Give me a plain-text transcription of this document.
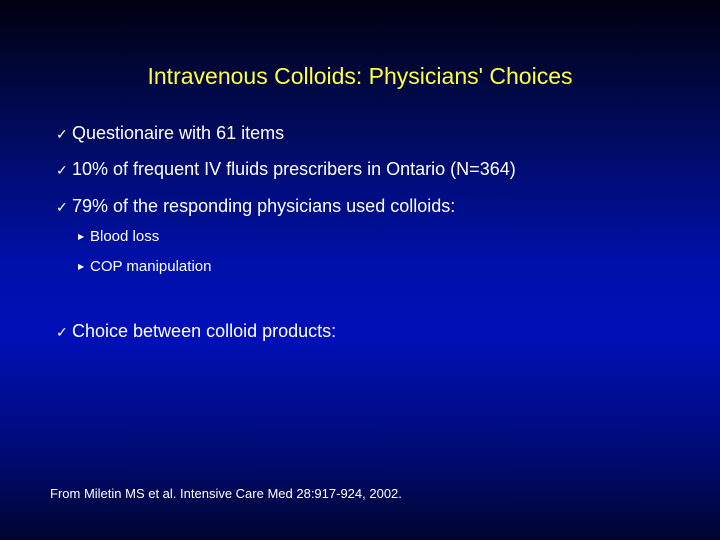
Intravenous Colloids: Physicians' Choices
✓ Questionaire with 61 items
✓ 10% of frequent IV fluids prescribers in Ontario (N=364)
✓ 79% of the responding physicians used colloids:
▶ Blood loss
▶ COP manipulation
✓ Choice between colloid products:
From Miletin MS et al. Intensive Care Med 28:917-924, 2002.
